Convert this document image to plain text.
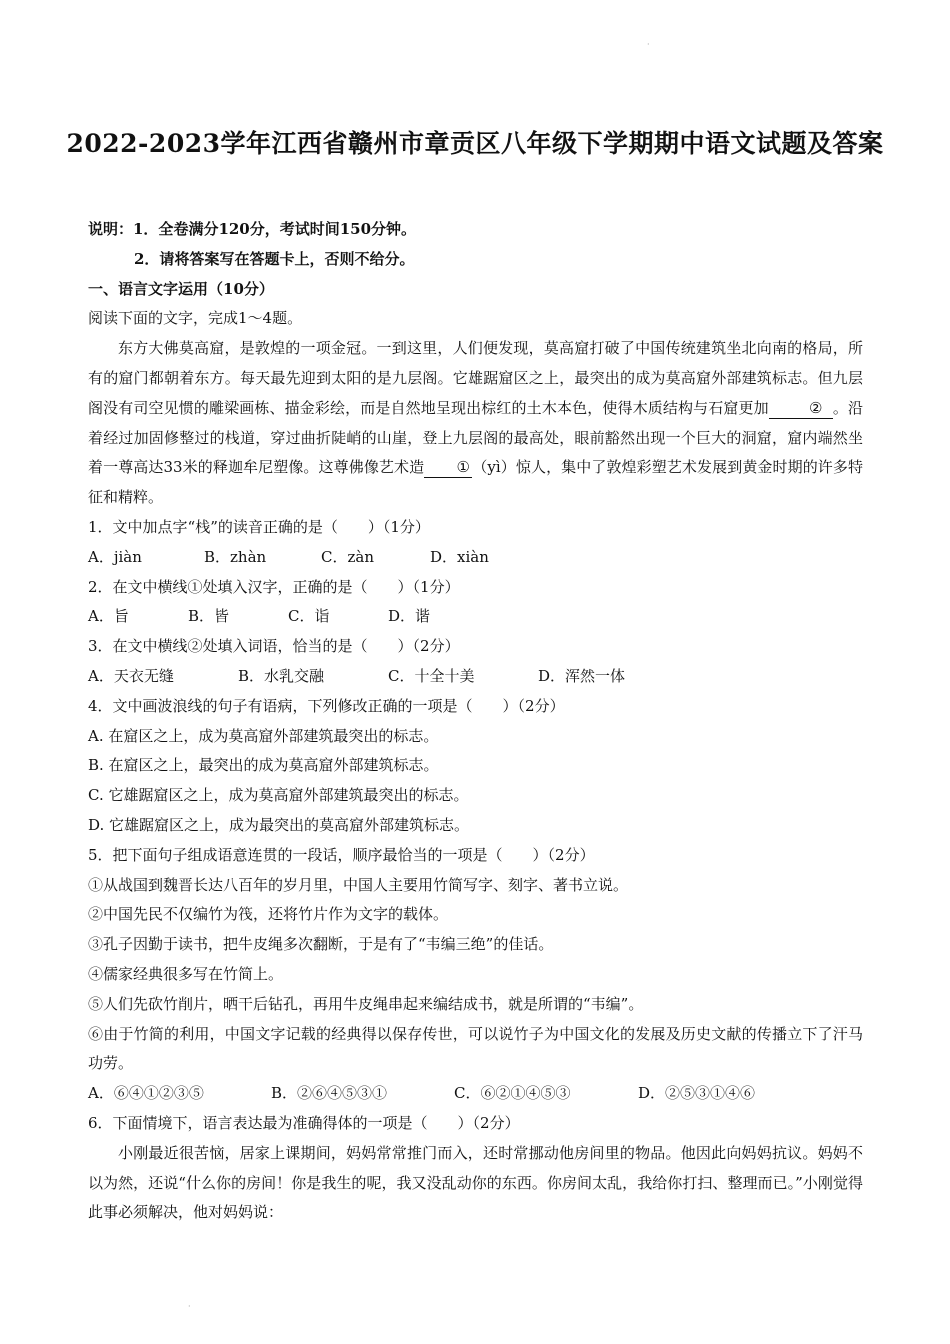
·
2022-2023学年江西省赣州市章贡区八年级下学期期中语文试题及答案
说明：1．全卷满分120分，考试时间150分钟。
2．请将答案写在答题卡上，否则不给分。
一、语言文字运用（10分）
阅读下面的文字，完成1～4题。
东方大佛莫高窟，是敦煌的一项金冠。一到这里，人们便发现，莫高窟打破了中国传统建筑坐北向南的格局，所有的窟门都朝着东方。每天最先迎到太阳的是九层阁。它雄踞窟区之上，最突出的成为莫高窟外部建筑标志。但九层阁没有司空见惯的雕梁画栋、描金彩绘，而是自然地呈现出棕红的土木本色，使得木质结构与石窟更加	② 。沿着经过加固修整过的栈道，穿过曲折陡峭的山崖，登上九层阁的最高处，眼前豁然出现一个巨大的洞窟，窟内端然坐着一尊高达33米的释迦牟尼塑像。这尊佛像艺术造 ① （yì）惊人，集中了敦煌彩塑艺术发展到黄金时期的许多特征和精粹。
1．文中加点字“栈”的读音正确的是（　　）（1分）
A．jiàn	B．zhàn	C．zàn	D．xiàn
2．在文中横线①处填入汉字，正确的是（　　）（1分）
A．旨	B．皆	C．诣	D．谐
3．在文中横线②处填入词语，恰当的是（　　）（2分）
A．天衣无缝	B．水乳交融	C．十全十美	D．浑然一体
4．文中画波浪线的句子有语病，下列修改正确的一项是（　　）（2分）
A. 在窟区之上，成为莫高窟外部建筑最突出的标志。
B. 在窟区之上，最突出的成为莫高窟外部建筑标志。
C. 它雄踞窟区之上，成为莫高窟外部建筑最突出的标志。
D. 它雄踞窟区之上，成为最突出的莫高窟外部建筑标志。
5．把下面句子组成语意连贯的一段话，顺序最恰当的一项是（　　）（2分）
①从战国到魏晋长达八百年的岁月里，中国人主要用竹简写字、刻字、著书立说。
②中国先民不仅编竹为筏，还将竹片作为文字的载体。
③孔子因勤于读书，把牛皮绳多次翻断，于是有了“韦编三绝”的佳话。
④儒家经典很多写在竹简上。
⑤人们先砍竹削片，晒干后钻孔，再用牛皮绳串起来编结成书，就是所谓的“韦编”。
⑥由于竹简的利用，中国文字记载的经典得以保存传世，可以说竹子为中国文化的发展及历史文献的传播立下了汗马功劳。
A．⑥④①②③⑤	B．②⑥④⑤③①	C．⑥②①④⑤③	D．②⑤③①④⑥
6．下面情境下，语言表达最为准确得体的一项是（　　）（2分）
小刚最近很苦恼，居家上课期间，妈妈常常推门而入，还时常挪动他房间里的物品。他因此向妈妈抗议。妈妈不以为然，还说“什么你的房间！你是我生的呢，我又没乱动你的东西。你房间太乱，我给你打扫、整理而已。”小刚觉得此事必须解决，他对妈妈说：
·
